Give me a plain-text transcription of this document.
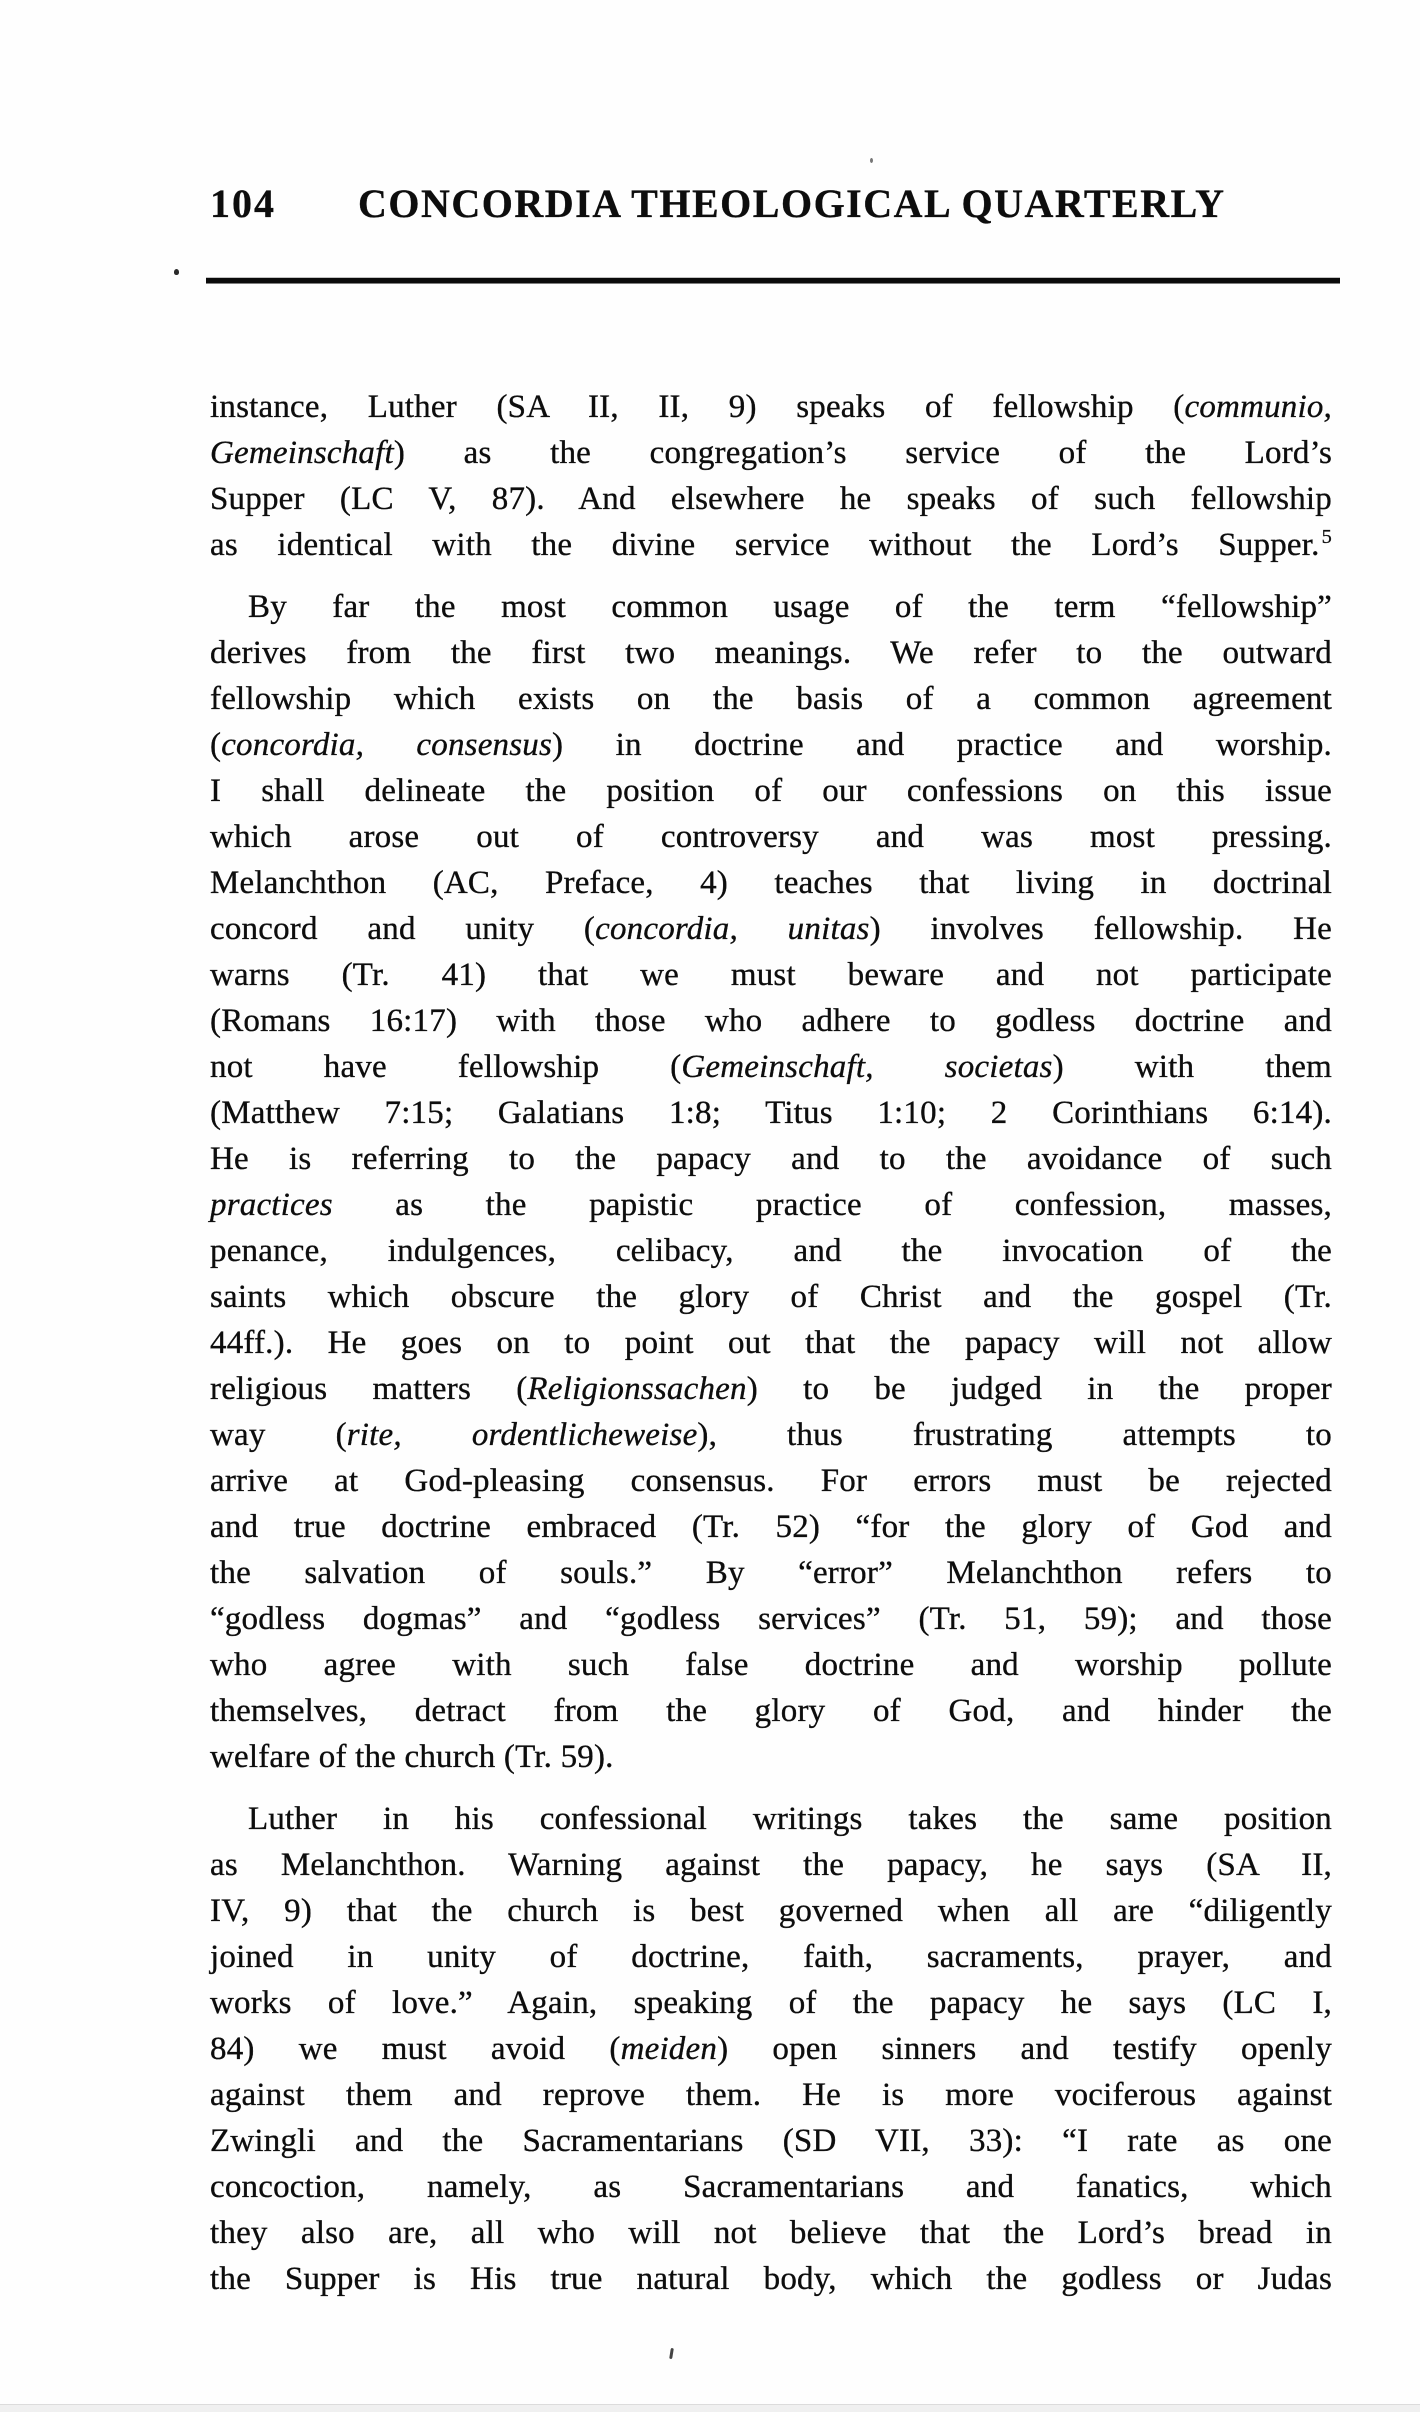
104 CONCORDIA THEOLOGICAL QUARTERLY
instance, Luther (SA II, II, 9) speaks of fellowship (communio,
Gemeinschaft) as the congregation’s service of the Lord’s
Supper (LC V, 87). And elsewhere he speaks of such fellowship
as identical with the divine service without the Lord’s Supper.$^5$
By far the most common usage of the term “fellowship”
derives from the first two meanings. We refer to the outward
fellowship which exists on the basis of a common agreement
(concordia, consensus) in doctrine and practice and worship.
I shall delineate the position of our confessions on this issue
which arose out of controversy and was most pressing.
Melanchthon (AC, Preface, 4) teaches that living in doctrinal
concord and unity (concordia, unitas) involves fellowship. He
warns (Tr. 41) that we must beware and not participate
(Romans 16:17) with those who adhere to godless doctrine and
not have fellowship (Gemeinschaft, societas) with them
(Matthew 7:15; Galatians 1:8; Titus 1:10; 2 Corinthians 6:14).
He is referring to the papacy and to the avoidance of such
practices as the papistic practice of confession, masses,
penance, indulgences, celibacy, and the invocation of the
saints which obscure the glory of Christ and the gospel (Tr.
44ff.). He goes on to point out that the papacy will not allow
religious matters (Religionssachen) to be judged in the proper
way (rite, ordentlicheweise), thus frustrating attempts to
arrive at God-pleasing consensus. For errors must be rejected
and true doctrine embraced (Tr. 52) “for the glory of God and
the salvation of souls.” By “error” Melanchthon refers to
“godless dogmas” and “godless services” (Tr. 51, 59); and those
who agree with such false doctrine and worship pollute
themselves, detract from the glory of God, and hinder the
welfare of the church (Tr. 59).
Luther in his confessional writings takes the same position
as Melanchthon. Warning against the papacy, he says (SA II,
IV, 9) that the church is best governed when all are “diligently
joined in unity of doctrine, faith, sacraments, prayer, and
works of love.” Again, speaking of the papacy he says (LC I,
84) we must avoid (meiden) open sinners and testify openly
against them and reprove them. He is more vociferous against
Zwingli and the Sacramentarians (SD VII, 33): “I rate as one
concoction, namely, as Sacramentarians and fanatics, which
they also are, all who will not believe that the Lord’s bread in
the Supper is His true natural body, which the godless or Judas
